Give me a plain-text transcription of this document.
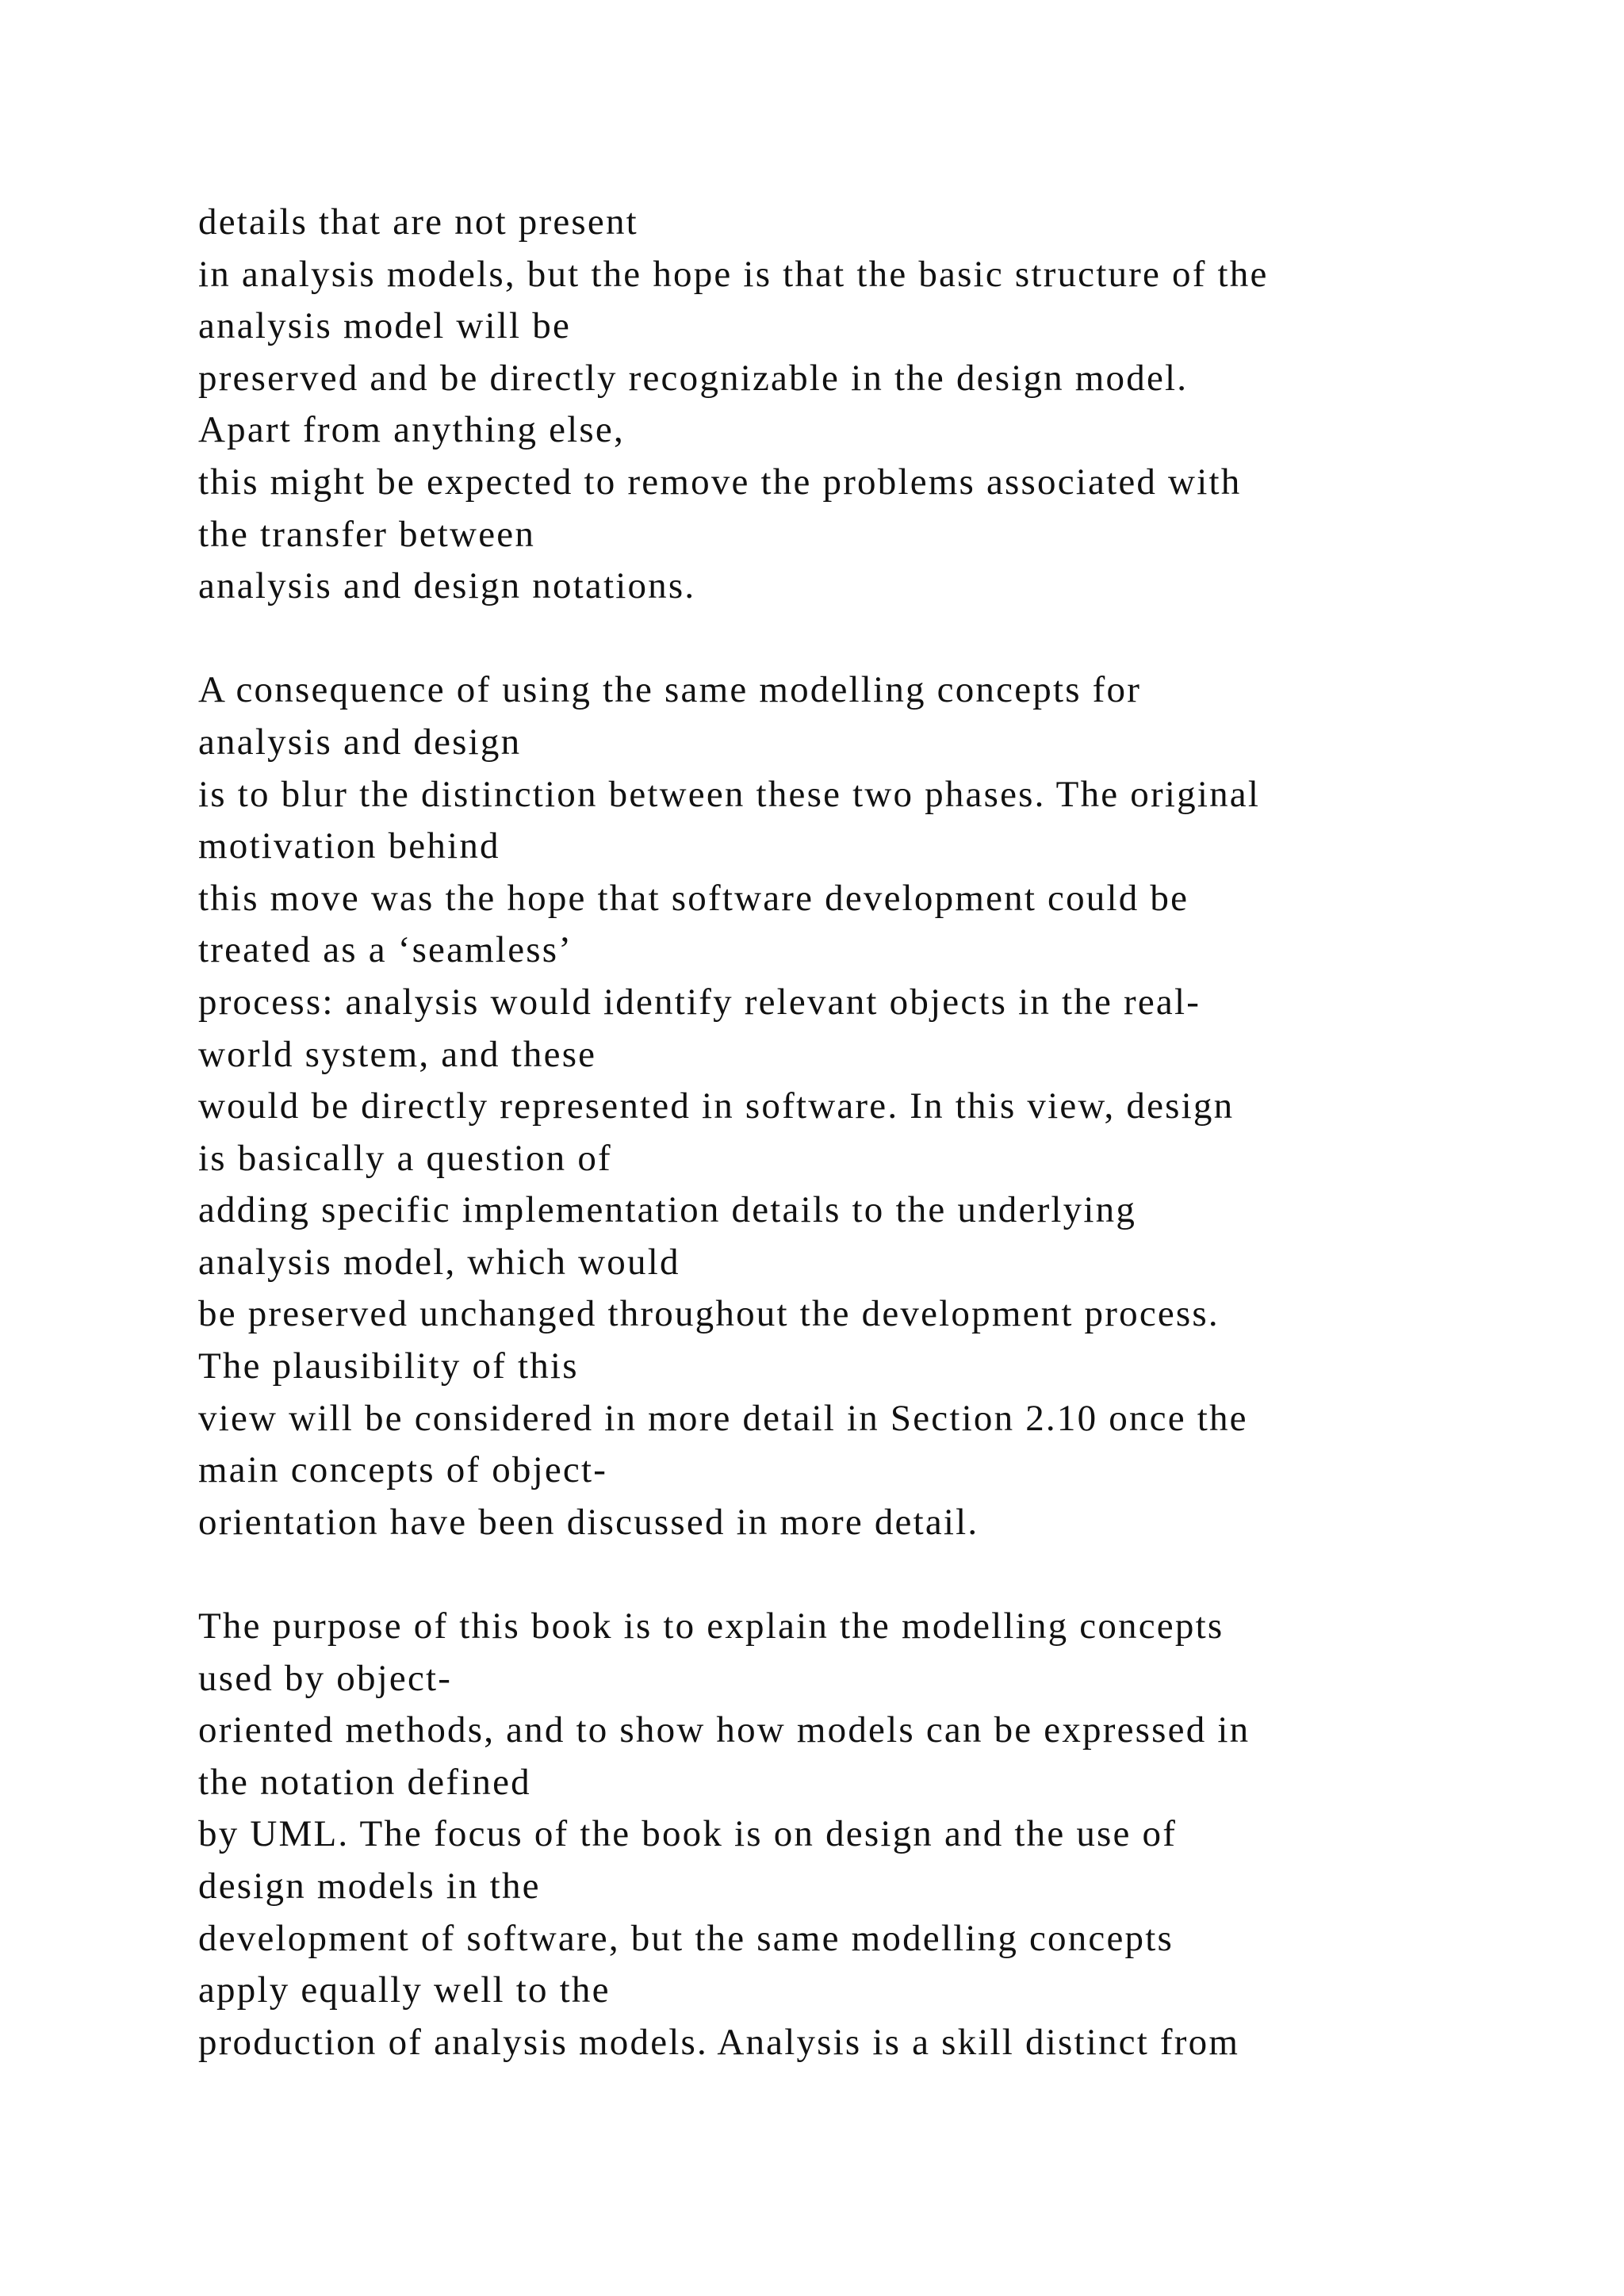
details that are not present
in analysis models, but the hope is that the basic structure of the
analysis model will be
preserved and be directly recognizable in the design model.
Apart from anything else,
this might be expected to remove the problems associated with
the transfer between
analysis and design notations.
A consequence of using the same modelling concepts for
analysis and design
is to blur the distinction between these two phases. The original
motivation behind
this move was the hope that software development could be
treated as a ‘seamless’
process: analysis would identify relevant objects in the real-
world system, and these
would be directly represented in software. In this view, design
is basically a question of
adding specific implementation details to the underlying
analysis model, which would
be preserved unchanged throughout the development process.
The plausibility of this
view will be considered in more detail in Section 2.10 once the
main concepts of object-
orientation have been discussed in more detail.
The purpose of this book is to explain the modelling concepts
used by object-
oriented methods, and to show how models can be expressed in
the notation defined
by UML. The focus of the book is on design and the use of
design models in the
development of software, but the same modelling concepts
apply equally well to the
production of analysis models. Analysis is a skill distinct from
